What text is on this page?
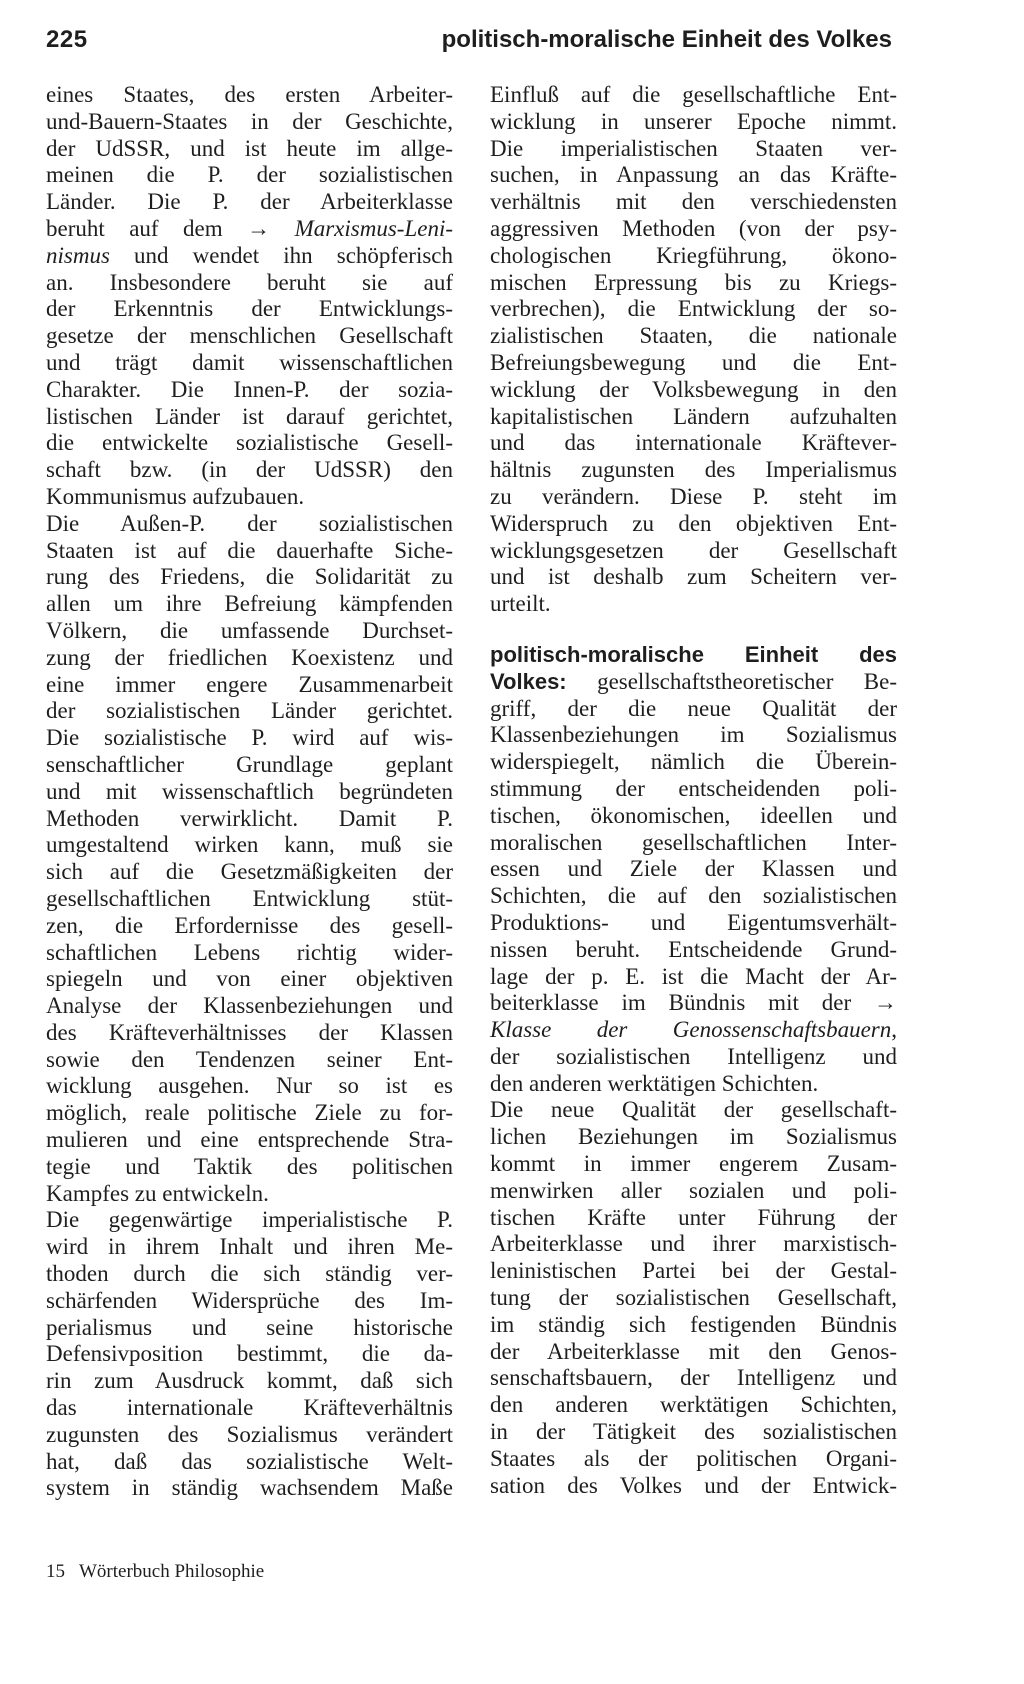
225	politisch-moralische Einheit des Volkes
eines Staates, des ersten Arbeiter-
und-Bauern-Staates in der Geschichte,
der UdSSR, und ist heute im allge-
meinen die P. der sozialistischen
Länder. Die P. der Arbeiterklasse
beruht auf dem → Marxismus-Leni-
nismus und wendet ihn schöpferisch
an. Insbesondere beruht sie auf
der Erkenntnis der Entwicklungs-
gesetze der menschlichen Gesellschaft
und trägt damit wissenschaftlichen
Charakter. Die Innen-P. der sozia-
listischen Länder ist darauf gerichtet,
die entwickelte sozialistische Gesell-
schaft bzw. (in der UdSSR) den
Kommunismus aufzubauen.
Die Außen-P. der sozialistischen
Staaten ist auf die dauerhafte Siche-
rung des Friedens, die Solidarität zu
allen um ihre Befreiung kämpfenden
Völkern, die umfassende Durchset-
zung der friedlichen Koexistenz und
eine immer engere Zusammenarbeit
der sozialistischen Länder gerichtet.
Die sozialistische P. wird auf wis-
senschaftlicher Grundlage geplant
und mit wissenschaftlich begründeten
Methoden verwirklicht. Damit P.
umgestaltend wirken kann, muß sie
sich auf die Gesetzmäßigkeiten der
gesellschaftlichen Entwicklung stüt-
zen, die Erfordernisse des gesell-
schaftlichen Lebens richtig wider-
spiegeln und von einer objektiven
Analyse der Klassenbeziehungen und
des Kräfteverhältnisses der Klassen
sowie den Tendenzen seiner Ent-
wicklung ausgehen. Nur so ist es
möglich, reale politische Ziele zu for-
mulieren und eine entsprechende Stra-
tegie und Taktik des politischen
Kampfes zu entwickeln.
Die gegenwärtige imperialistische P.
wird in ihrem Inhalt und ihren Me-
thoden durch die sich ständig ver-
schärfenden Widersprüche des Im-
perialismus und seine historische
Defensivposition bestimmt, die da-
rin zum Ausdruck kommt, daß sich
das internationale Kräfteverhältnis
zugunsten des Sozialismus verändert
hat, daß das sozialistische Welt-
system in ständig wachsendem Maße
Einfluß auf die gesellschaftliche Ent-
wicklung in unserer Epoche nimmt.
Die imperialistischen Staaten ver-
suchen, in Anpassung an das Kräfte-
verhältnis mit den verschiedensten
aggressiven Methoden (von der psy-
chologischen Kriegführung, ökono-
mischen Erpressung bis zu Kriegs-
verbrechen), die Entwicklung der so-
zialistischen Staaten, die nationale
Befreiungsbewegung und die Ent-
wicklung der Volksbewegung in den
kapitalistischen Ländern aufzuhalten
und das internationale Kräftever-
hältnis zugunsten des Imperialismus
zu verändern. Diese P. steht im
Widerspruch zu den objektiven Ent-
wicklungsgesetzen der Gesellschaft
und ist deshalb zum Scheitern ver-
urteilt.
politisch-moralische Einheit des
Volkes: gesellschaftstheoretischer Be-
griff, der die neue Qualität der
Klassenbeziehungen im Sozialismus
widerspiegelt, nämlich die Überein-
stimmung der entscheidenden poli-
tischen, ökonomischen, ideellen und
moralischen gesellschaftlichen Inter-
essen und Ziele der Klassen und
Schichten, die auf den sozialistischen
Produktions- und Eigentumsverhält-
nissen beruht. Entscheidende Grund-
lage der p. E. ist die Macht der Ar-
beiterklasse im Bündnis mit der →
Klasse der Genossenschaftsbauern,
der sozialistischen Intelligenz und
den anderen werktätigen Schichten.
Die neue Qualität der gesellschaft-
lichen Beziehungen im Sozialismus
kommt in immer engerem Zusam-
menwirken aller sozialen und poli-
tischen Kräfte unter Führung der
Arbeiterklasse und ihrer marxistisch-
leninistischen Partei bei der Gestal-
tung der sozialistischen Gesellschaft,
im ständig sich festigenden Bündnis
der Arbeiterklasse mit den Genos-
senschaftsbauern, der Intelligenz und
den anderen werktätigen Schichten,
in der Tätigkeit des sozialistischen
Staates als der politischen Organi-
sation des Volkes und der Entwick-
15 Wörterbuch Philosophie
